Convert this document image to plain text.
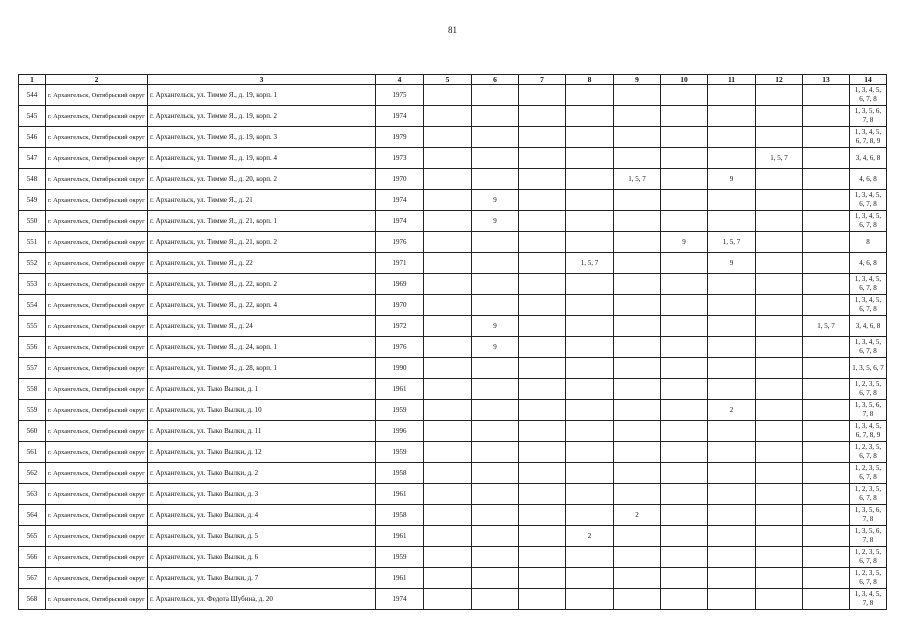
81
1	2	3	4	5	6	7	8	9	10	11	12	13	14
544	г. Архангельск, Октябрьский округ	г. Архангельск, ул. Тимме Я., д. 19, корп. 1	1975										1, 3, 4, 5, 6, 7, 8
545	г. Архангельск, Октябрьский округ	г. Архангельск, ул. Тимме Я., д. 19, корп. 2	1974										1, 3, 5, 6, 7, 8
546	г. Архангельск, Октябрьский округ	г. Архангельск, ул. Тимме Я., д. 19, корп. 3	1979										1, 3, 4, 5, 6, 7, 8, 9
547	г. Архангельск, Октябрьский округ	г. Архангельск, ул. Тимме Я., д. 19, корп. 4	1973								1, 5, 7		3, 4, 6, 8
548	г. Архангельск, Октябрьский округ	г. Архангельск, ул. Тимме Я., д. 20, корп. 2	1970					1, 5, 7		9			4, 6, 8
549	г. Архангельск, Октябрьский округ	г. Архангельск, ул. Тимме Я., д. 21	1974		9								1, 3, 4, 5, 6, 7, 8
550	г. Архангельск, Октябрьский округ	г. Архангельск, ул. Тимме Я., д. 21, корп. 1	1974		9								1, 3, 4, 5, 6, 7, 8
551	г. Архангельск, Октябрьский округ	г. Архангельск, ул. Тимме Я., д. 21, корп. 2	1976						9	1, 5, 7			8
552	г. Архангельск, Октябрьский округ	г. Архангельск, ул. Тимме Я., д. 22	1971				1, 5, 7			9			4, 6, 8
553	г. Архангельск, Октябрьский округ	г. Архангельск, ул. Тимме Я., д. 22, корп. 2	1969										1, 3, 4, 5, 6, 7, 8
554	г. Архангельск, Октябрьский округ	г. Архангельск, ул. Тимме Я., д. 22, корп. 4	1970										1, 3, 4, 5, 6, 7, 8
555	г. Архангельск, Октябрьский округ	г. Архангельск, ул. Тимме Я., д. 24	1972		9							1, 5, 7	3, 4, 6, 8
556	г. Архангельск, Октябрьский округ	г. Архангельск, ул. Тимме Я., д. 24, корп. 1	1976		9								1, 3, 4, 5, 6, 7, 8
557	г. Архангельск, Октябрьский округ	г. Архангельск, ул. Тимме Я., д. 28, корп. 1	1990										1, 3, 5, 6, 7
558	г. Архангельск, Октябрьский округ	г. Архангельск, ул. Тыко Вылки, д. 1	1961										1, 2, 3, 5, 6, 7, 8
559	г. Архангельск, Октябрьский округ	г. Архангельск, ул. Тыко Вылки, д. 10	1959							2			1, 3, 5, 6, 7, 8
560	г. Архангельск, Октябрьский округ	г. Архангельск, ул. Тыко Вылки, д. 11	1996										1, 3, 4, 5, 6, 7, 8, 9
561	г. Архангельск, Октябрьский округ	г. Архангельск, ул. Тыко Вылки, д. 12	1959										1, 2, 3, 5, 6, 7, 8
562	г. Архангельск, Октябрьский округ	г. Архангельск, ул. Тыко Вылки, д. 2	1958										1, 2, 3, 5, 6, 7, 8
563	г. Архангельск, Октябрьский округ	г. Архангельск, ул. Тыко Вылки, д. 3	1961										1, 2, 3, 5, 6, 7, 8
564	г. Архангельск, Октябрьский округ	г. Архангельск, ул. Тыко Вылки, д. 4	1958					2					1, 3, 5, 6, 7, 8
565	г. Архангельск, Октябрьский округ	г. Архангельск, ул. Тыко Вылки, д. 5	1961				2						1, 3, 5, 6, 7, 8
566	г. Архангельск, Октябрьский округ	г. Архангельск, ул. Тыко Вылки, д. 6	1959										1, 2, 3, 5, 6, 7, 8
567	г. Архангельск, Октябрьский округ	г. Архангельск, ул. Тыко Вылки, д. 7	1961										1, 2, 3, 5, 6, 7, 8
568	г. Архангельск, Октябрьский округ	г. Архангельск, ул. Федота Шубина, д. 20	1974										1, 3, 4, 5, 7, 8
